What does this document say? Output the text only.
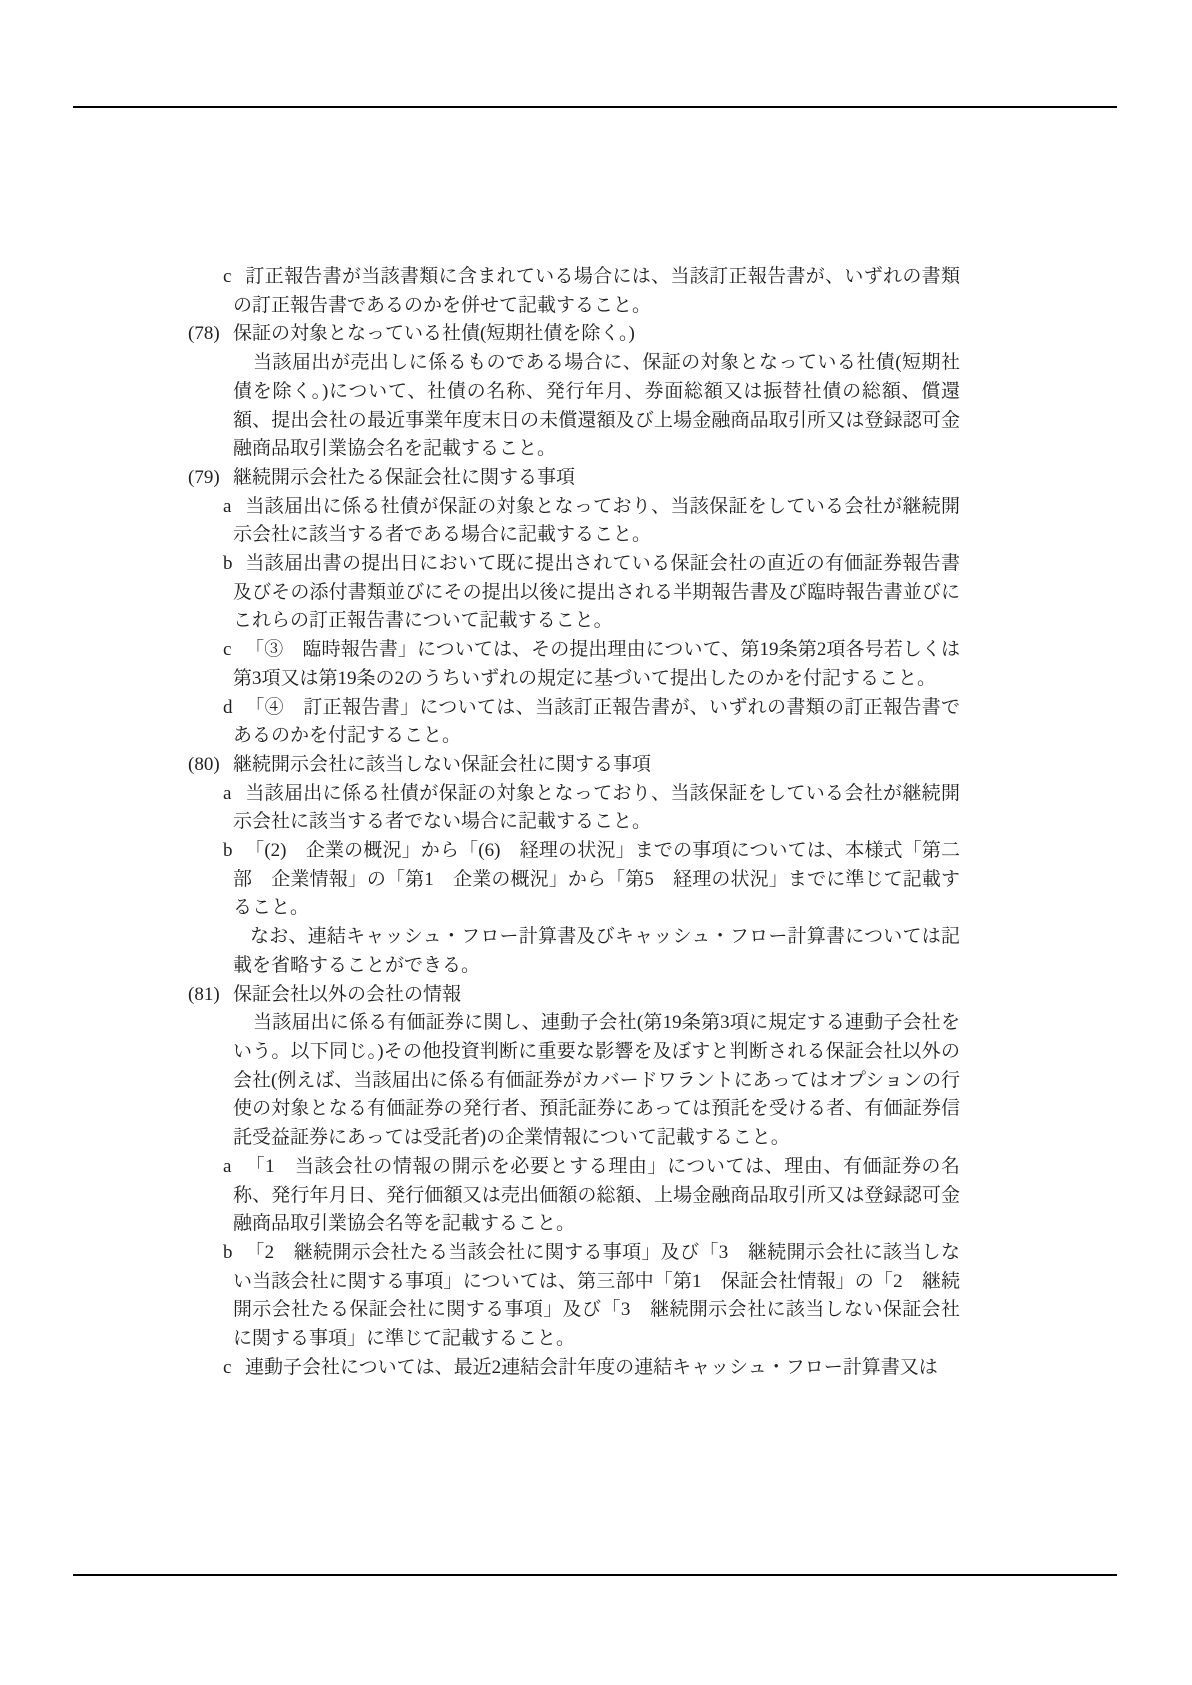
c 訂正報告書が当該書類に含まれている場合には、当該訂正報告書が、いずれの書類の訂正報告書であるのかを併せて記載すること。

(78) 保証の対象となっている社債(短期社債を除く。)

当該届出が売出しに係るものである場合に、保証の対象となっている社債(短期社債を除く。)について、社債の名称、発行年月、券面総額又は振替社債の総額、償還額、提出会社の最近事業年度末日の未償還額及び上場金融商品取引所又は登録認可金融商品取引業協会名を記載すること。

(79) 継続開示会社たる保証会社に関する事項

a 当該届出に係る社債が保証の対象となっており、当該保証をしている会社が継続開示会社に該当する者である場合に記載すること。

b 当該届出書の提出日において既に提出されている保証会社の直近の有価証券報告書及びその添付書類並びにその提出以後に提出される半期報告書及び臨時報告書並びにこれらの訂正報告書について記載すること。

c 「③　臨時報告書」については、その提出理由について、第19条第2項各号若しくは第3項又は第19条の2のうちいずれの規定に基づいて提出したのかを付記すること。

d 「④　訂正報告書」については、当該訂正報告書が、いずれの書類の訂正報告書であるのかを付記すること。

(80) 継続開示会社に該当しない保証会社に関する事項

a 当該届出に係る社債が保証の対象となっており、当該保証をしている会社が継続開示会社に該当する者でない場合に記載すること。

b 「(2)　企業の概況」から「(6)　経理の状況」までの事項については、本様式「第二部　企業情報」の「第1　企業の概況」から「第5　経理の状況」までに準じて記載すること。

なお、連結キャッシュ・フロー計算書及びキャッシュ・フロー計算書については記載を省略することができる。

(81) 保証会社以外の会社の情報

当該届出に係る有価証券に関し、連動子会社(第19条第3項に規定する連動子会社をいう。以下同じ。)その他投資判断に重要な影響を及ぼすと判断される保証会社以外の会社(例えば、当該届出に係る有価証券がカバードワラントにあってはオプションの行使の対象となる有価証券の発行者、預託証券にあっては預託を受ける者、有価証券信託受益証券にあっては受託者)の企業情報について記載すること。

a 「1　当該会社の情報の開示を必要とする理由」については、理由、有価証券の名称、発行年月日、発行価額又は売出価額の総額、上場金融商品取引所又は登録認可金融商品取引業協会名等を記載すること。

b 「2　継続開示会社たる当該会社に関する事項」及び「3　継続開示会社に該当しない当該会社に関する事項」については、第三部中「第1　保証会社情報」の「2　継続開示会社たる保証会社に関する事項」及び「3　継続開示会社に該当しない保証会社に関する事項」に準じて記載すること。

c 連動子会社については、最近2連結会計年度の連結キャッシュ・フロー計算書又は
